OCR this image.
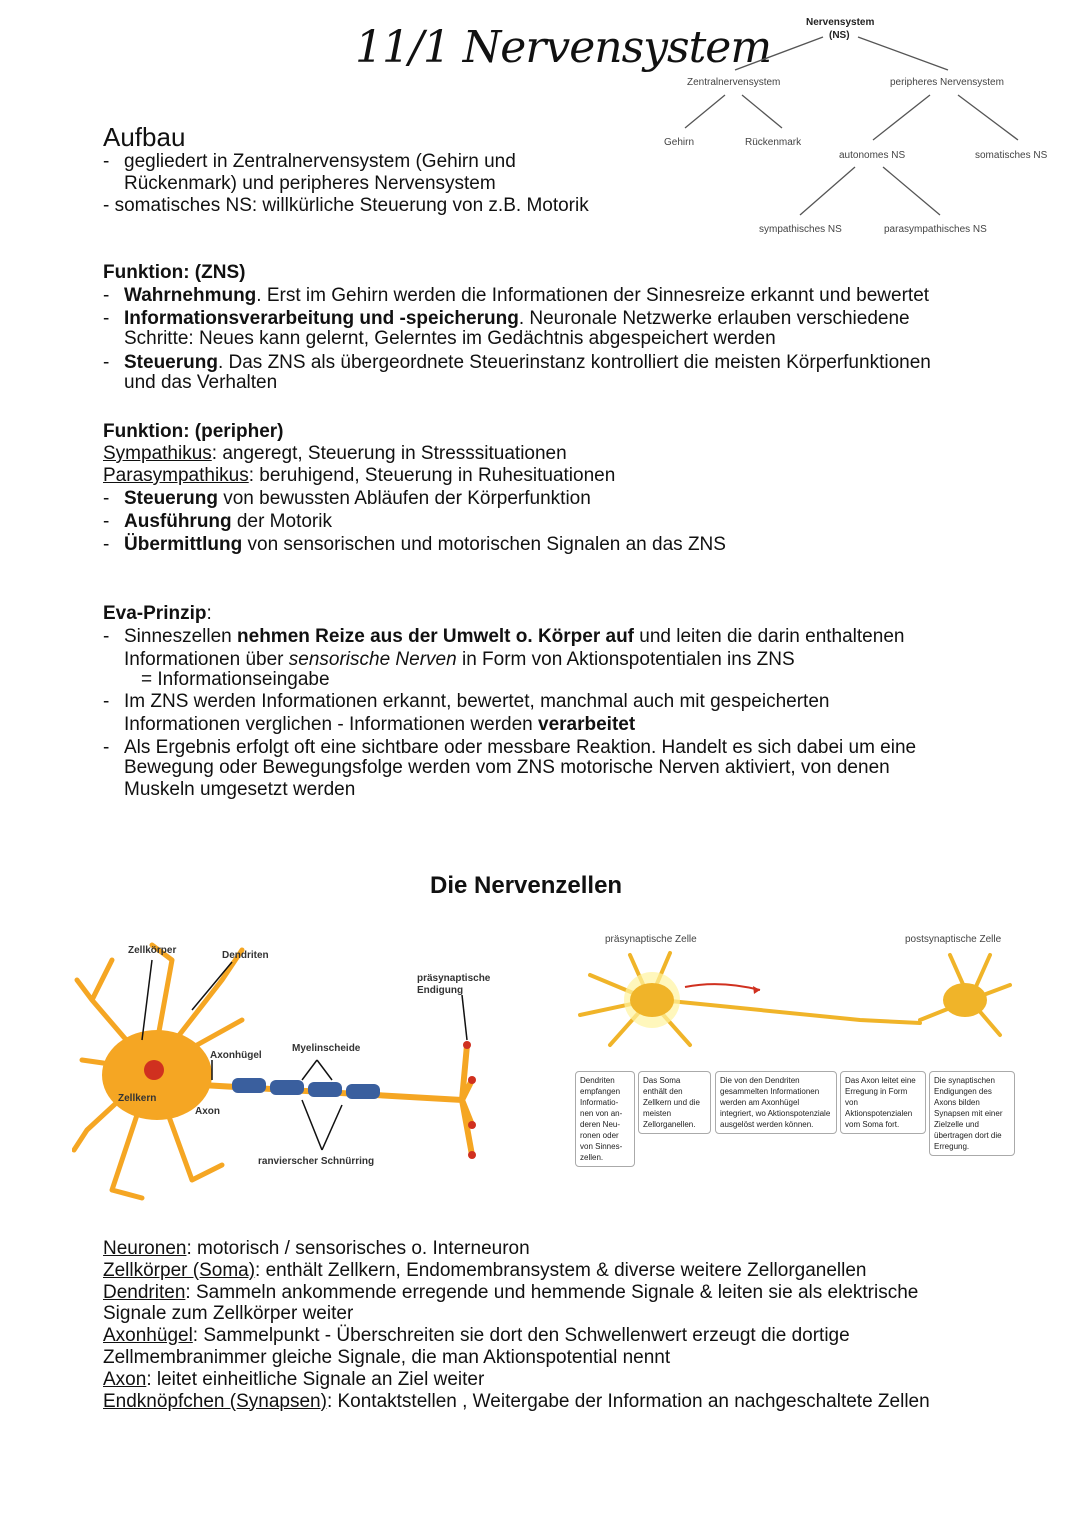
11/1 Nervensystem	Nervensystem
(NS)
Zentralnervensystem	peripheres Nervensystem
Gehirn	Rückenmark
autonomes NS	somatisches NS
sympathisches NS	parasympathisches NS
Aufbau
- gegliedert in Zentralnervensystem (Gehirn und
Rückenmark) und peripheres Nervensystem
- somatisches NS: willkürliche Steuerung von z.B. Motorik
Funktion: (ZNS)
- Wahrnehmung. Erst im Gehirn werden die Informationen der Sinnesreize erkannt und bewertet
- Informationsverarbeitung und -speicherung. Neuronale Netzwerke erlauben verschiedene
Schritte: Neues kann gelernt, Gelerntes im Gedächtnis abgespeichert werden
- Steuerung. Das ZNS als übergeordnete Steuerinstanz kontrolliert die meisten Körperfunktionen
und das Verhalten
Funktion: (peripher)
Sympathikus: angeregt, Steuerung in Stresssituationen
Parasympathikus: beruhigend, Steuerung in Ruhesituationen
- Steuerung von bewussten Abläufen der Körperfunktion
- Ausführung der Motorik
- Übermittlung von sensorischen und motorischen Signalen an das ZNS
Eva-Prinzip:
- Sinneszellen nehmen Reize aus der Umwelt o. Körper auf und leiten die darin enthaltenen
Informationen über sensorische Nerven in Form von Aktionspotentialen ins ZNS
= Informationseingabe
- Im ZNS werden Informationen erkannt, bewertet, manchmal auch mit gespeicherten
Informationen verglichen - Informationen werden verarbeitet
- Als Ergebnis erfolgt oft eine sichtbare oder messbare Reaktion. Handelt es sich dabei um eine
Bewegung oder Bewegungsfolge werden vom ZNS motorische Nerven aktiviert, von denen
Muskeln umgesetzt werden
Die Nervenzellen
Zellkörper	Dendriten
präsynaptische
Endigung
Myelinscheide
Axonhügel
Zellkern
Axon
ranvierscher Schnürring
präsynaptische Zelle	postsynaptische Zelle
Dendriten empfangen Informatio-nen von an-deren Neu-ronen oder von Sinnes-zellen.
Das Soma enthält den Zellkern und die meisten Zellorganellen.
Die von den Dendriten gesammelten Informationen werden am Axonhügel integriert, wo Aktionspotenziale ausgelöst werden können.
Das Axon leitet eine Erregung in Form von Aktionspotenzialen vom Soma fort.
Die synaptischen Endigungen des Axons bilden Synapsen mit einer Zielzelle und übertragen dort die Erregung.
Neuronen: motorisch / sensorisches o. Interneuron
Zellkörper (Soma): enthält Zellkern, Endomembransystem & diverse weitere Zellorganellen
Dendriten: Sammeln ankommende erregende und hemmende Signale & leiten sie als elektrische
Signale zum Zellkörper weiter
Axonhügel: Sammelpunkt - Überschreiten sie dort den Schwellenwert erzeugt die dortige
Zellmembranimmer gleiche Signale, die man Aktionspotential nennt
Axon: leitet einheitliche Signale an Ziel weiter
Endknöpfchen (Synapsen): Kontaktstellen , Weitergabe der Information an nachgeschaltete Zellen
